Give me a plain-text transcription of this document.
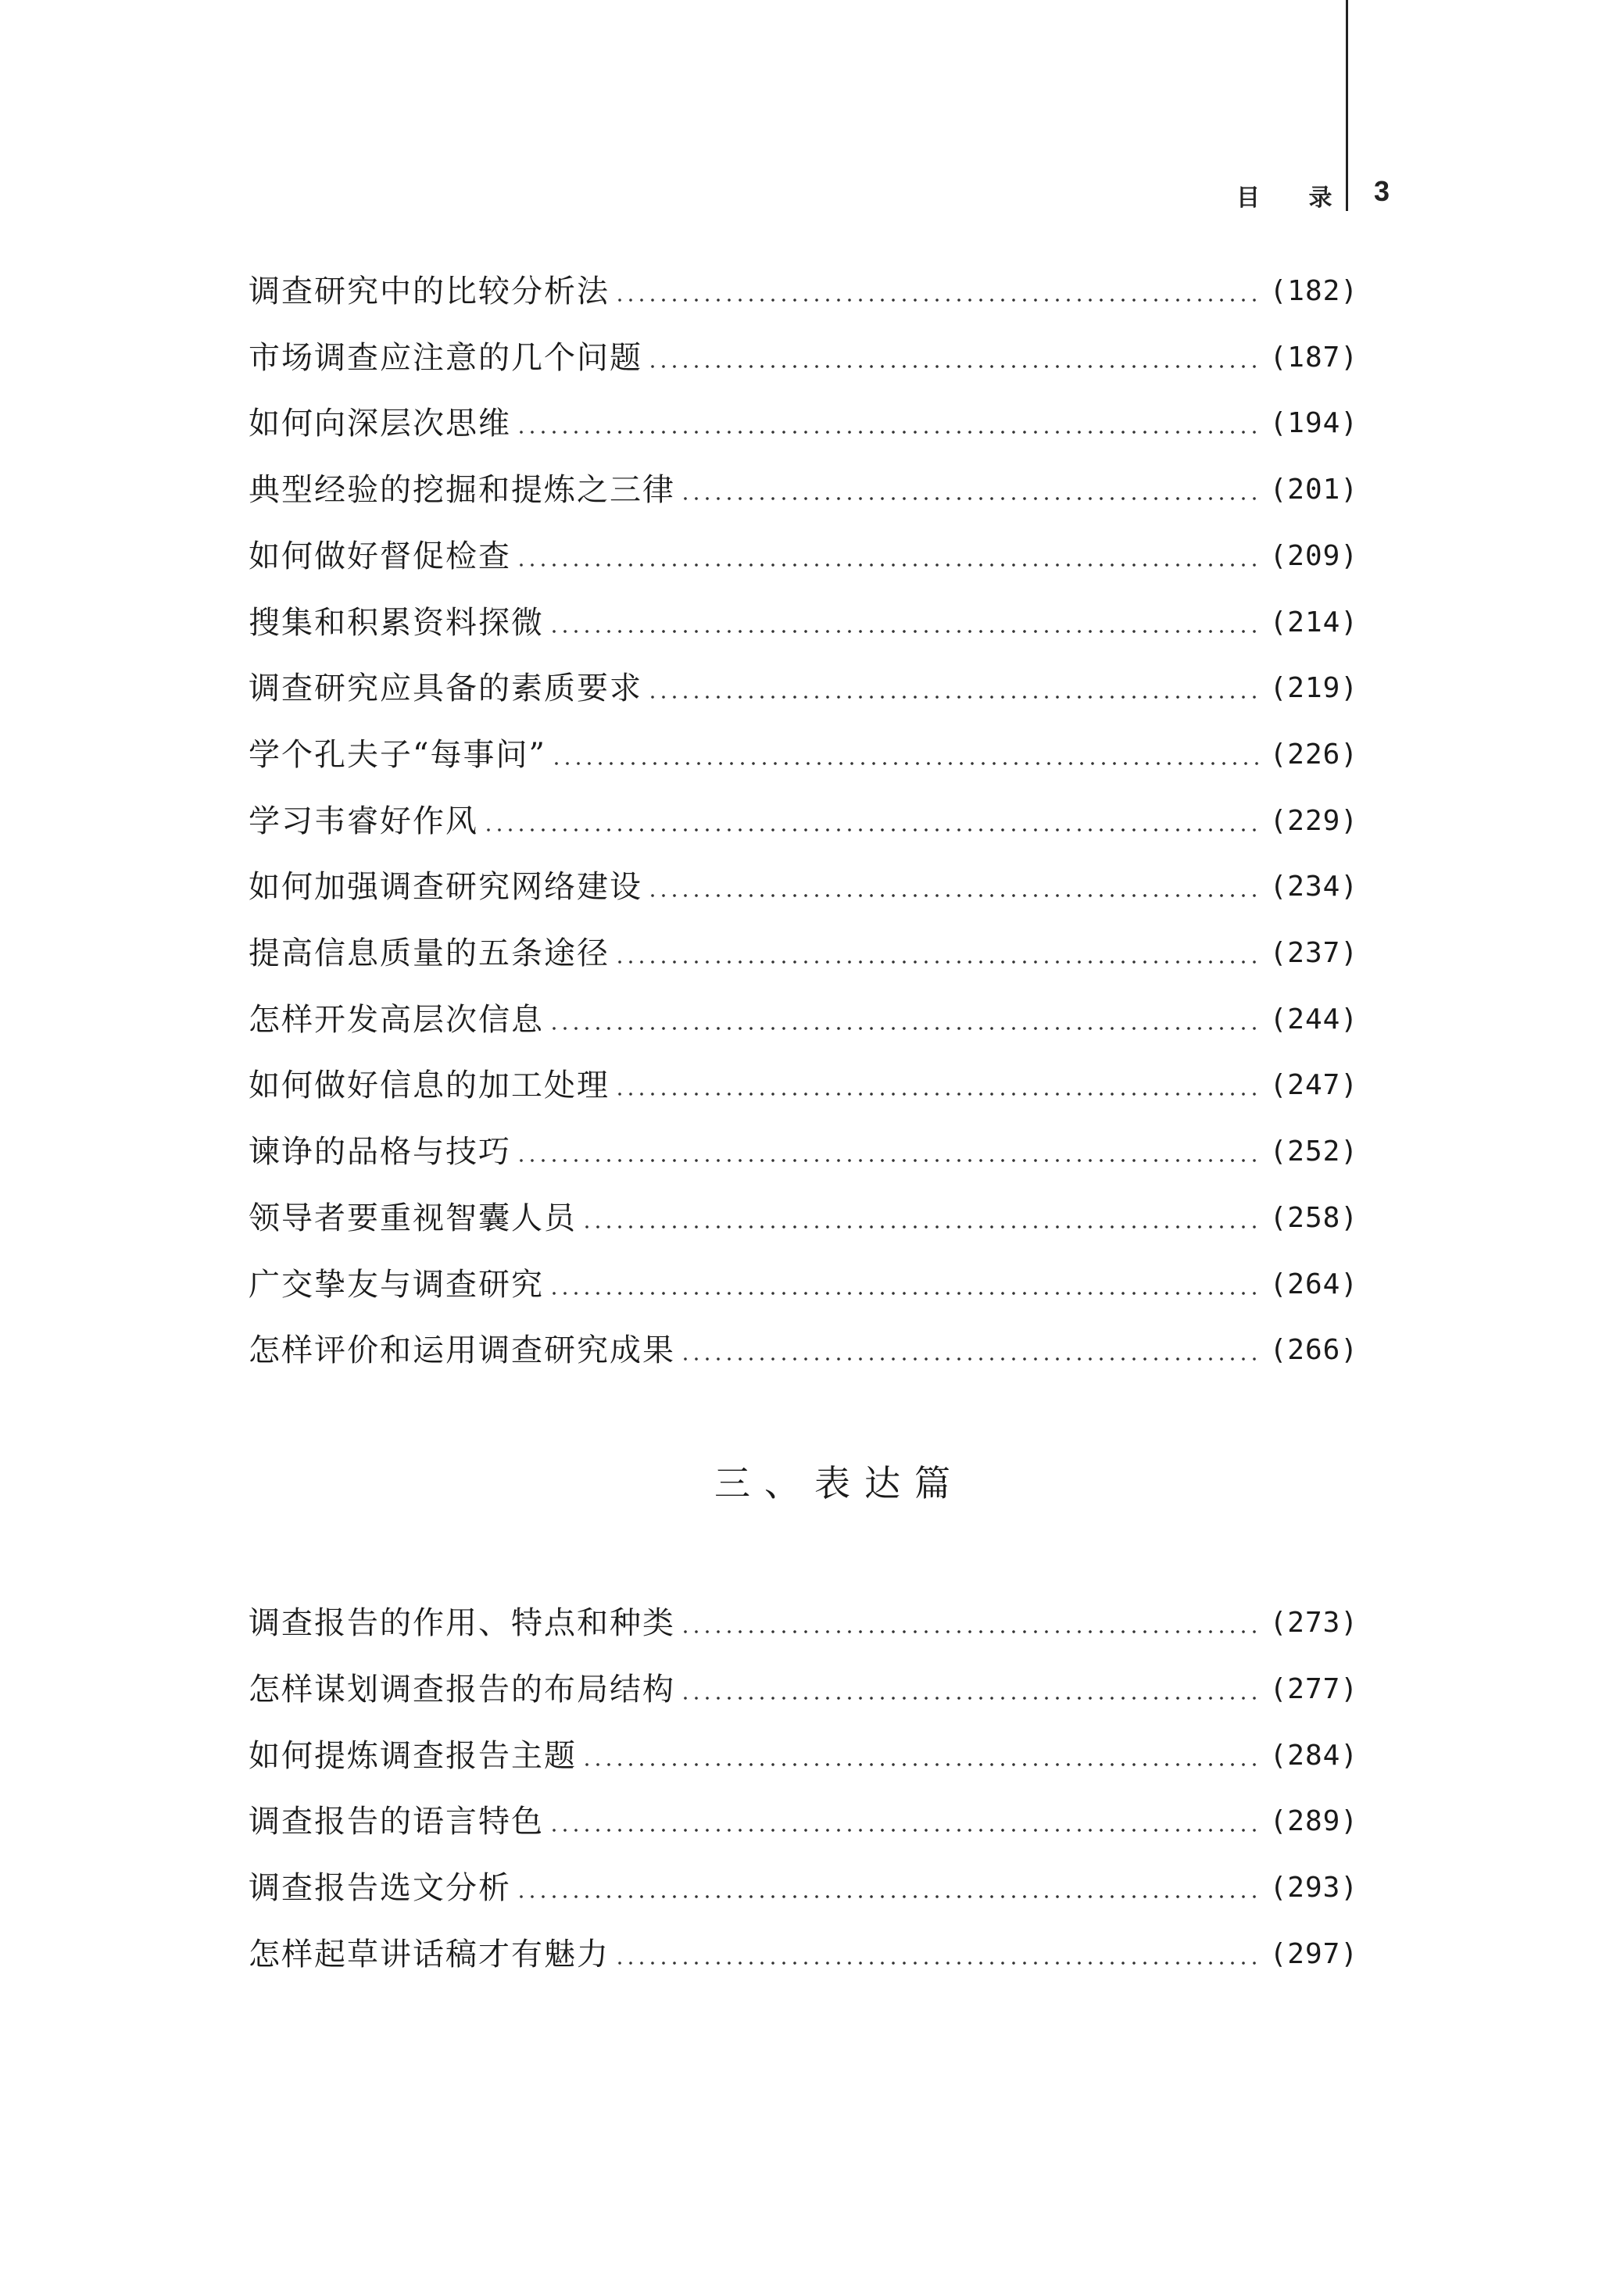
目 录 3
调查研究中的比较分析法	(182)
市场调查应注意的几个问题	(187)
如何向深层次思维	(194)
典型经验的挖掘和提炼之三律	(201)
如何做好督促检查	(209)
搜集和积累资料探微	(214)
调查研究应具备的素质要求	(219)
学个孔夫子“每事问”	(226)
学习韦睿好作风	(229)
如何加强调查研究网络建设	(234)
提高信息质量的五条途径	(237)
怎样开发高层次信息	(244)
如何做好信息的加工处理	(247)
谏诤的品格与技巧	(252)
领导者要重视智囊人员	(258)
广交挚友与调查研究	(264)
怎样评价和运用调查研究成果	(266)
三、表达篇
调查报告的作用、特点和种类	(273)
怎样谋划调查报告的布局结构	(277)
如何提炼调查报告主题	(284)
调查报告的语言特色	(289)
调查报告选文分析	(293)
怎样起草讲话稿才有魅力	(297)
